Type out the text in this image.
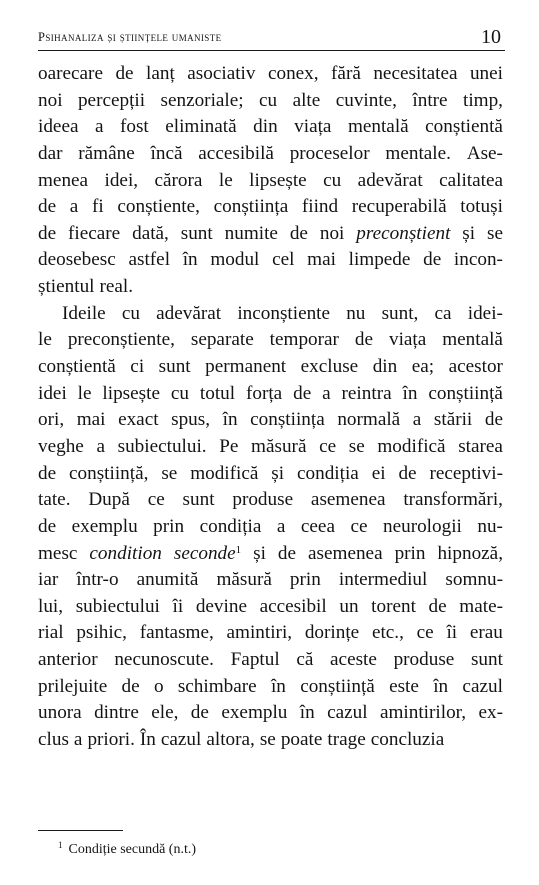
Psihanaliza și științele umaniste	10
oarecare de lanț asociativ conex, fără necesitatea unei
noi percepții senzoriale; cu alte cuvinte, între timp,
ideea a fost eliminată din viața mentală conștientă
dar rămâne încă accesibilă proceselor mentale. Ase-
menea idei, cărora le lipsește cu adevărat calitatea
de a fi conștiente, conștiința fiind recuperabilă totuși
de fiecare dată, sunt numite de noi preconștient și se
deosebesc astfel în modul cel mai limpede de incon-
știentul real.
Ideile cu adevărat inconștiente nu sunt, ca idei-
le preconștiente, separate temporar de viața mentală
conștientă ci sunt permanent excluse din ea; acestor
idei le lipsește cu totul forța de a reintra în conștiință
ori, mai exact spus, în conștiința normală a stării de
veghe a subiectului. Pe măsură ce se modifică starea
de conștiință, se modifică și condiția ei de receptivi-
tate. După ce sunt produse asemenea transformări,
de exemplu prin condiția a ceea ce neurologii nu-
mesc condition seconde$^1$ și de asemenea prin hipnoză,
iar într-o anumită măsură prin intermediul somnu-
lui, subiectului îi devine accesibil un torent de mate-
rial psihic, fantasme, amintiri, dorințe etc., ce îi erau
anterior necunoscute. Faptul că aceste produse sunt
prilejuite de o schimbare în conștiință este în cazul
unora dintre ele, de exemplu în cazul amintirilor, ex-
clus a priori. În cazul altora, se poate trage concluzia
$^1$ Condiție secundă (n.t.)
